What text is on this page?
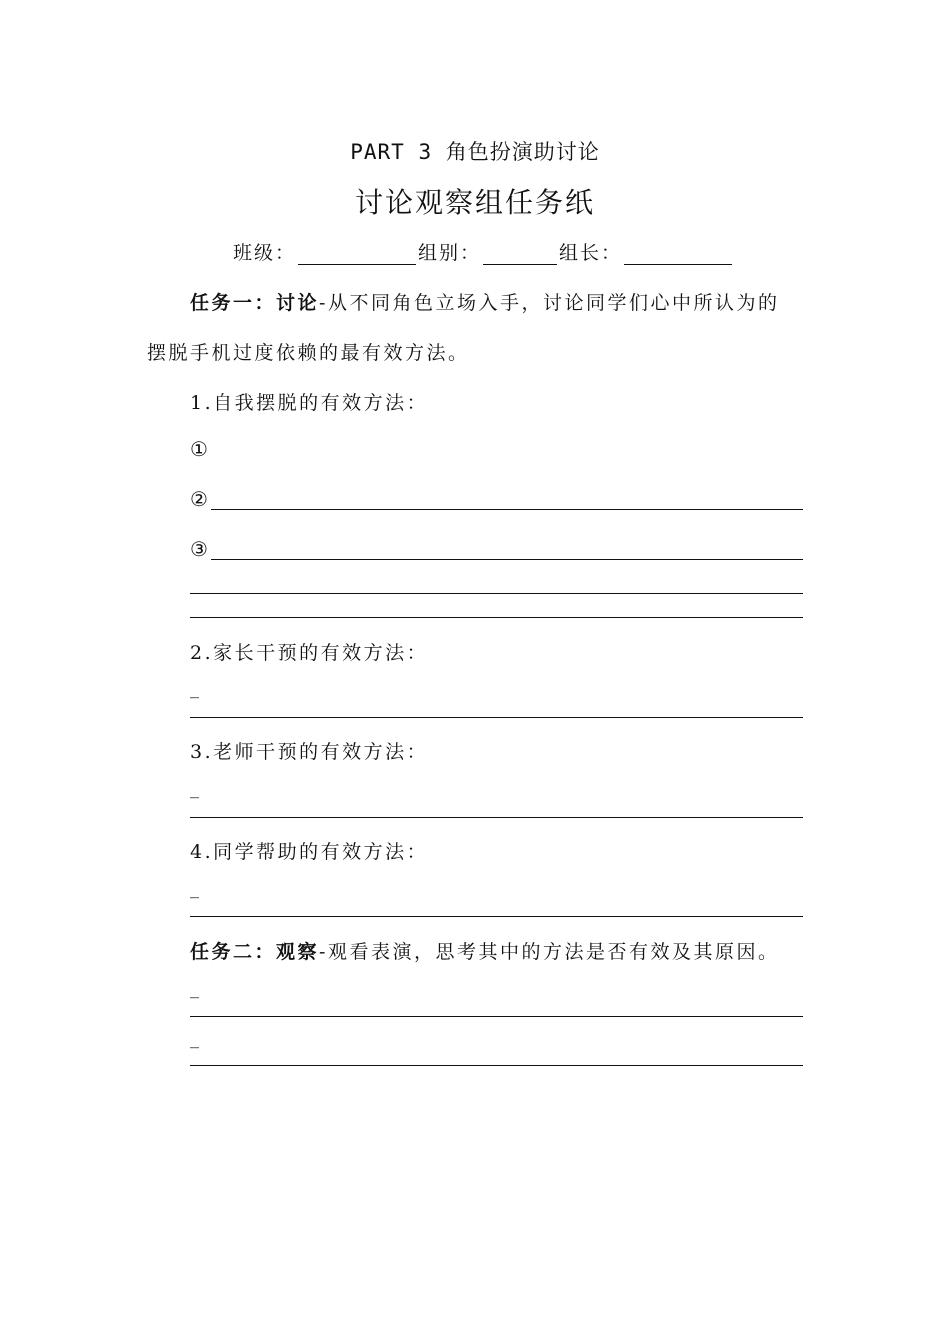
PART 3 角色扮演助讨论
讨论观察组任务纸
班级：	组别：	组长：
任务一：讨论-从不同角色立场入手，讨论同学们心中所认为的
摆脱手机过度依赖的最有效方法。
1.自我摆脱的有效方法：
①
②
③
2.家长干预的有效方法：
_
3.老师干预的有效方法：
_
4.同学帮助的有效方法：
_
任务二：观察-观看表演，思考其中的方法是否有效及其原因。
_
_
